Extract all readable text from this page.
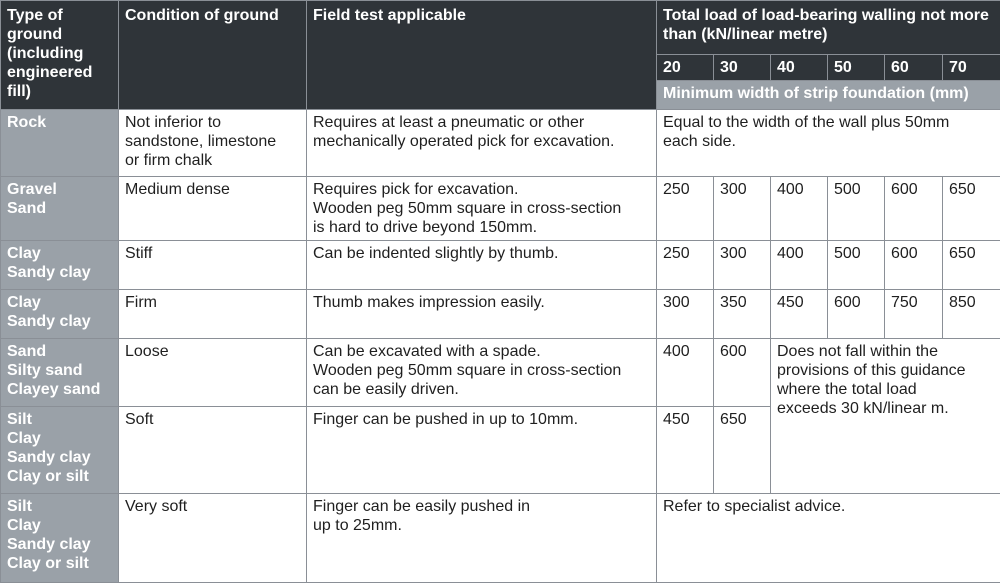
Type of ground (including engineered fill)	Condition of ground	Field test applicable	Total load of load-bearing walling not more than (kN/linear metre)					
			20	30	40	50	60	70
			Minimum width of strip foundation (mm)					

Rock	Not inferior to
sandstone, limestone
or firm chalk	Requires at least a pneumatic or other
mechanically operated pick for excavation.	Equal to the width of the wall plus 50mm
each side.					

Gravel
Sand	Medium dense	Requires pick for excavation.
Wooden peg 50mm square in cross-section
is hard to drive beyond 150mm.	250	300	400	500	600	650

Clay
Sandy clay	Stiff	Can be indented slightly by thumb.	250	300	400	500	600	650

Clay
Sandy clay	Firm	Thumb makes impression easily.	300	350	450	600	750	850

Sand
Silty sand
Clayey sand	Loose	Can be excavated with a spade.
Wooden peg 50mm square in cross-section
can be easily driven.	400	600	Does not fall within the
provisions of this guidance
where the total load
exceeds 30 kN/linear m.			

Silt
Clay
Sandy clay
Clay or silt	Soft	Finger can be pushed in up to 10mm.	450	650				

Silt
Clay
Sandy clay
Clay or silt	Very soft	Finger can be easily pushed in
up to 25mm.	Refer to specialist advice.					
